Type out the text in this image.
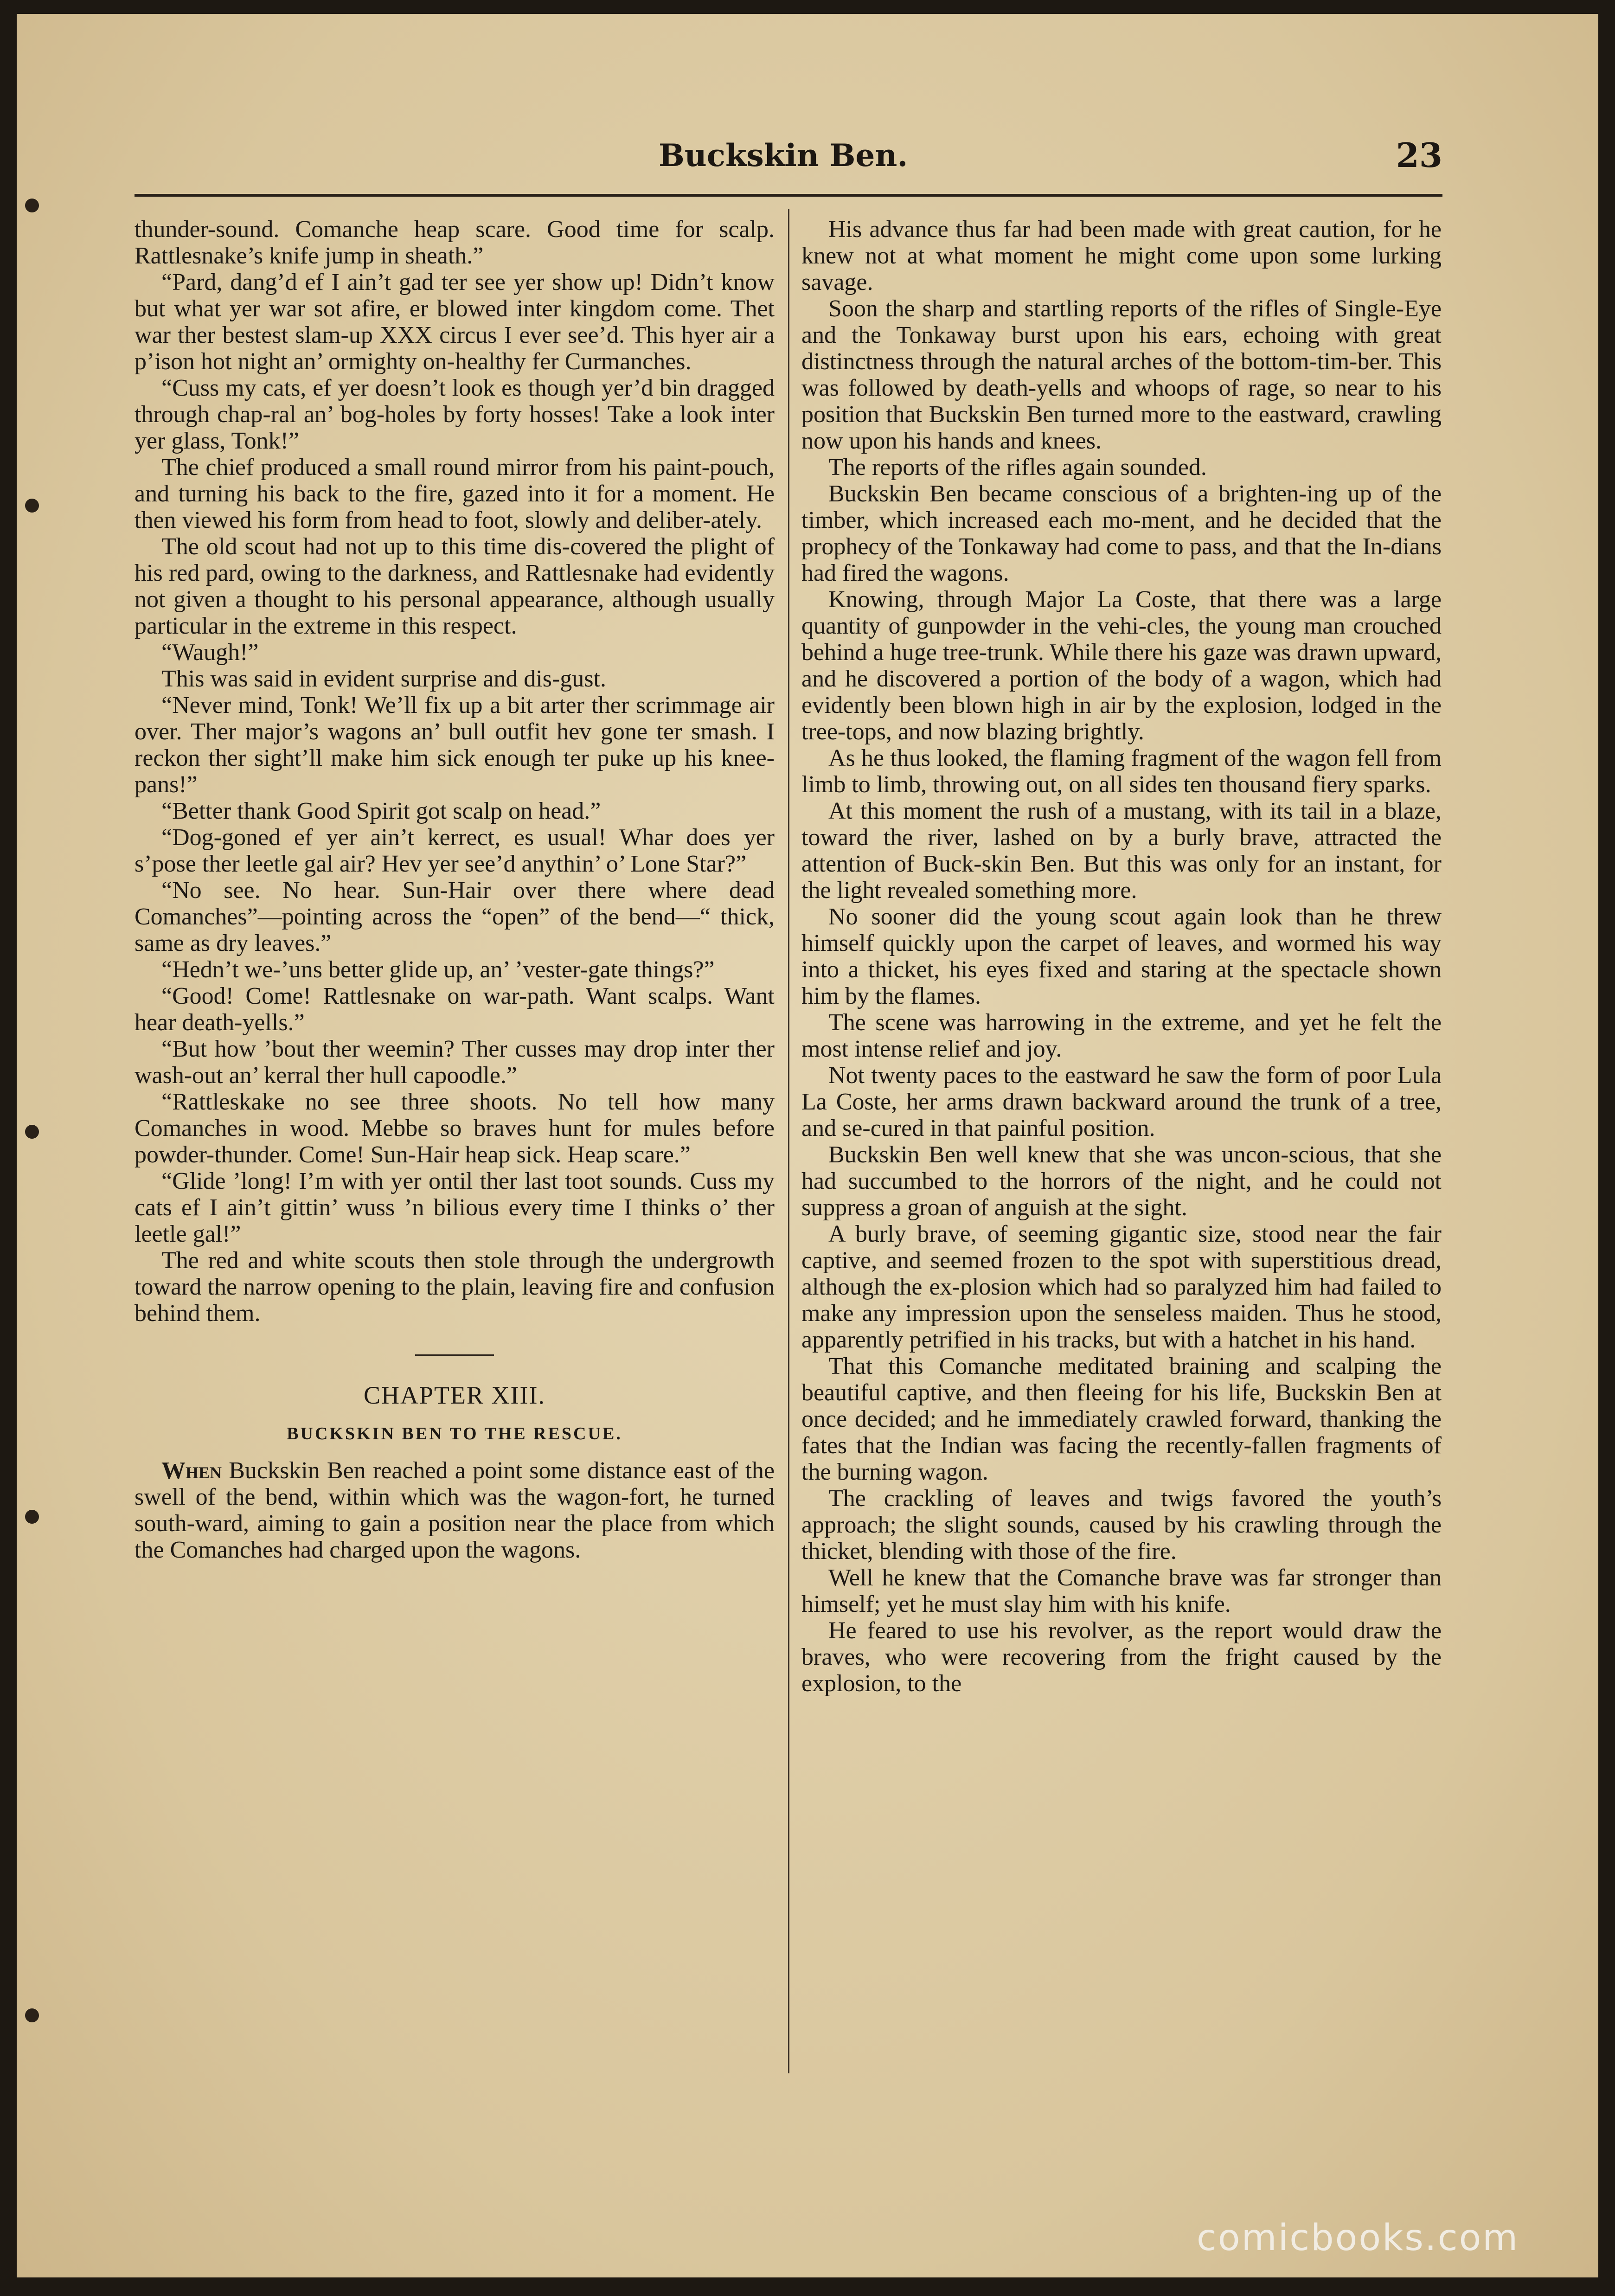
Buckskin Ben.	23

thunder-sound. Comanche heap scare. Good time for scalp. Rattlesnake’s knife jump in sheath.”

“Pard, dang’d ef I ain’t gad ter see yer show up! Didn’t know but what yer war sot afire, er blowed inter kingdom come. Thet war ther bestest slam-up XXX circus I ever see’d. This hyer air a p’ison hot night an’ ormighty on-healthy fer Curmanches.

“Cuss my cats, ef yer doesn’t look es though yer’d bin dragged through chap-ral an’ bog-holes by forty hosses! Take a look inter yer glass, Tonk!”

The chief produced a small round mirror from his paint-pouch, and turning his back to the fire, gazed into it for a moment. He then viewed his form from head to foot, slowly and deliber-ately.

The old scout had not up to this time dis-covered the plight of his red pard, owing to the darkness, and Rattlesnake had evidently not given a thought to his personal appearance, although usually particular in the extreme in this respect.

“Waugh!”

This was said in evident surprise and dis-gust.

“Never mind, Tonk! We’ll fix up a bit arter ther scrimmage air over. Ther major’s wagons an’ bull outfit hev gone ter smash. I reckon ther sight’ll make him sick enough ter puke up his knee-pans!”

“Better thank Good Spirit got scalp on head.”

“Dog-goned ef yer ain’t kerrect, es usual! Whar does yer s’pose ther leetle gal air? Hev yer see’d anythin’ o’ Lone Star?”

“No see. No hear. Sun-Hair over there where dead Comanches”—pointing across the “open” of the bend—“ thick, same as dry leaves.”

“Hedn’t we-’uns better glide up, an’ ’vester-gate things?”

“Good! Come! Rattlesnake on war-path. Want scalps. Want hear death-yells.”

“But how ’bout ther weemin? Ther cusses may drop inter ther wash-out an’ kerral ther hull capoodle.”

“Rattleskake no see three shoots. No tell how many Comanches in wood. Mebbe so braves hunt for mules before powder-thunder. Come! Sun-Hair heap sick. Heap scare.”

“Glide ’long! I’m with yer ontil ther last toot sounds. Cuss my cats ef I ain’t gittin’ wuss ’n bilious every time I thinks o’ ther leetle gal!”

The red and white scouts then stole through the undergrowth toward the narrow opening to the plain, leaving fire and confusion behind them.

CHAPTER XIII.
BUCKSKIN BEN TO THE RESCUE.

When Buckskin Ben reached a point some distance east of the swell of the bend, within which was the wagon-fort, he turned south-ward, aiming to gain a position near the place from which the Comanches had charged upon the wagons.

His advance thus far had been made with great caution, for he knew not at what moment he might come upon some lurking savage.

Soon the sharp and startling reports of the rifles of Single-Eye and the Tonkaway burst upon his ears, echoing with great distinctness through the natural arches of the bottom-tim-ber. This was followed by death-yells and whoops of rage, so near to his position that Buckskin Ben turned more to the eastward, crawling now upon his hands and knees.

The reports of the rifles again sounded.

Buckskin Ben became conscious of a brighten-ing up of the timber, which increased each mo-ment, and he decided that the prophecy of the Tonkaway had come to pass, and that the In-dians had fired the wagons.

Knowing, through Major La Coste, that there was a large quantity of gunpowder in the vehi-cles, the young man crouched behind a huge tree-trunk. While there his gaze was drawn upward, and he discovered a portion of the body of a wagon, which had evidently been blown high in air by the explosion, lodged in the tree-tops, and now blazing brightly.

As he thus looked, the flaming fragment of the wagon fell from limb to limb, throwing out, on all sides ten thousand fiery sparks.

At this moment the rush of a mustang, with its tail in a blaze, toward the river, lashed on by a burly brave, attracted the attention of Buck-skin Ben. But this was only for an instant, for the light revealed something more.

No sooner did the young scout again look than he threw himself quickly upon the carpet of leaves, and wormed his way into a thicket, his eyes fixed and staring at the spectacle shown him by the flames.

The scene was harrowing in the extreme, and yet he felt the most intense relief and joy.

Not twenty paces to the eastward he saw the form of poor Lula La Coste, her arms drawn backward around the trunk of a tree, and se-cured in that painful position.

Buckskin Ben well knew that she was uncon-scious, that she had succumbed to the horrors of the night, and he could not suppress a groan of anguish at the sight.

A burly brave, of seeming gigantic size, stood near the fair captive, and seemed frozen to the spot with superstitious dread, although the ex-plosion which had so paralyzed him had failed to make any impression upon the senseless maiden. Thus he stood, apparently petrified in his tracks, but with a hatchet in his hand.

That this Comanche meditated braining and scalping the beautiful captive, and then fleeing for his life, Buckskin Ben at once decided; and he immediately crawled forward, thanking the fates that the Indian was facing the recently-fallen fragments of the burning wagon.

The crackling of leaves and twigs favored the youth’s approach; the slight sounds, caused by his crawling through the thicket, blending with those of the fire.

Well he knew that the Comanche brave was far stronger than himself; yet he must slay him with his knife.

He feared to use his revolver, as the report would draw the braves, who were recovering from the fright caused by the explosion, to the

comicbooks.com
